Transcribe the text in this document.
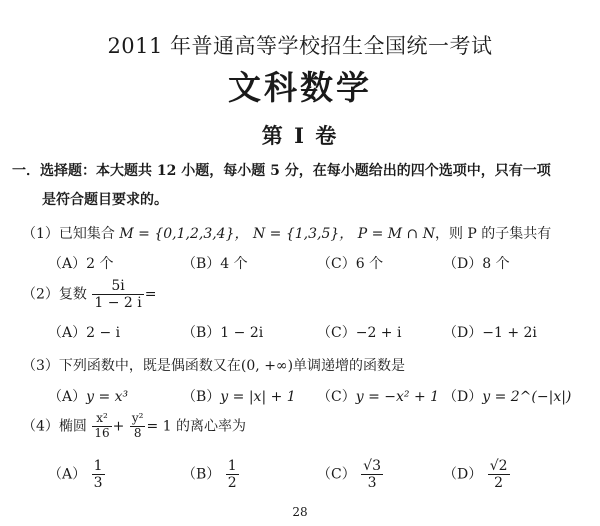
2011 年普通高等学校招生全国统一考试
文科数学
第 I 卷
一．选择题：本大题共 12 小题，每小题 5 分，在每小题给出的四个选项中，只有一项
是符合题目要求的。
（1）已知集合 M = {0,1,2,3,4}， N = {1,3,5}， P = M ∩ N，则 P 的子集共有
（A）2 个	（B）4 个	（C）6 个	（D）8 个
（2）复数 $\frac{5i}{1 - 2 i}$ =
（A）2 − i	（B）1 − 2i	（C）−2 + i	（D）−1 + 2i
（3）下列函数中，既是偶函数又在(0, +∞)单调递增的函数是
（A）y = x³	（B）y = |x| + 1 （C）y = −x² + 1 （D）y = 2^(−|x|)
（4）椭圆 $\frac{\text{x²}}{16} + \frac{\text{y²}}{8} = 1$ 的离心率为
$(A) \frac{1}{3}$	$(B) \frac{1}{2}$	$(C) \frac{√3}{3}$	$(D) \frac{√2}{2}$
28
